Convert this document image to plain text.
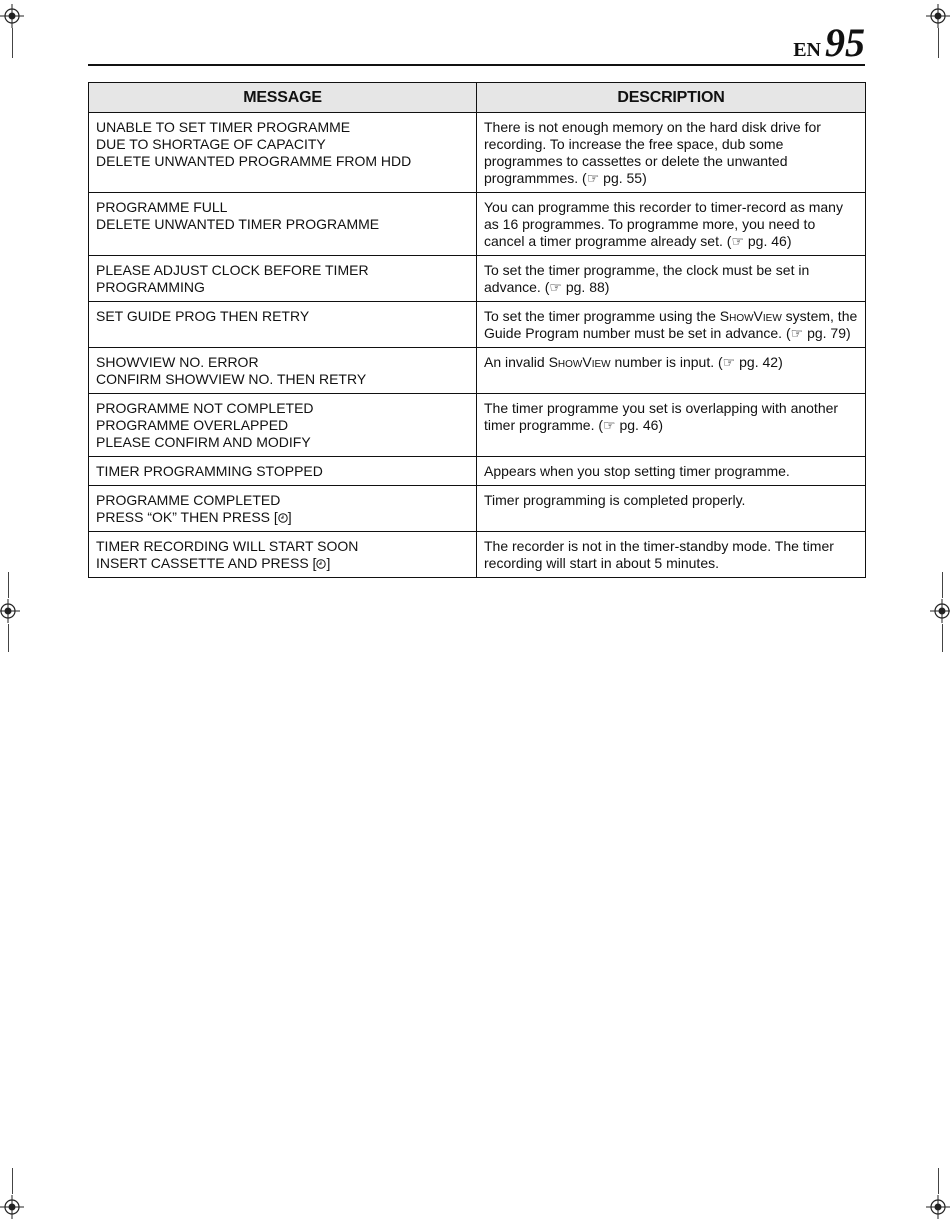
EN 95
MESSAGE	DESCRIPTION

UNABLE TO SET TIMER PROGRAMME
DUE TO SHORTAGE OF CAPACITY
DELETE UNWANTED PROGRAMME FROM HDD	There is not enough memory on the hard disk drive for recording. To increase the free space, dub some programmes to cassettes or delete the unwanted programmmes. (☞ pg. 55)

PROGRAMME FULL
DELETE UNWANTED TIMER PROGRAMME	You can programme this recorder to timer-record as many as 16 programmes. To programme more, you need to cancel a timer programme already set. (☞ pg. 46)

PLEASE ADJUST CLOCK BEFORE TIMER
PROGRAMMING	To set the timer programme, the clock must be set in advance. (☞ pg. 88)

SET GUIDE PROG THEN RETRY	To set the timer programme using the ShowView system, the Guide Program number must be set in advance. (☞ pg. 79)

SHOWVIEW NO. ERROR
CONFIRM SHOWVIEW NO. THEN RETRY	An invalid ShowView number is input. (☞ pg. 42)

PROGRAMME NOT COMPLETED
PROGRAMME OVERLAPPED
PLEASE CONFIRM AND MODIFY	The timer programme you set is overlapping with another timer programme. (☞ pg. 46)

TIMER PROGRAMMING STOPPED	Appears when you stop setting timer programme.

PROGRAMME COMPLETED
PRESS “OK” THEN PRESS [ ]	Timer programming is completed properly.

TIMER RECORDING WILL START SOON
INSERT CASSETTE AND PRESS [ ]	The recorder is not in the timer-standby mode. The timer recording will start in about 5 minutes.
